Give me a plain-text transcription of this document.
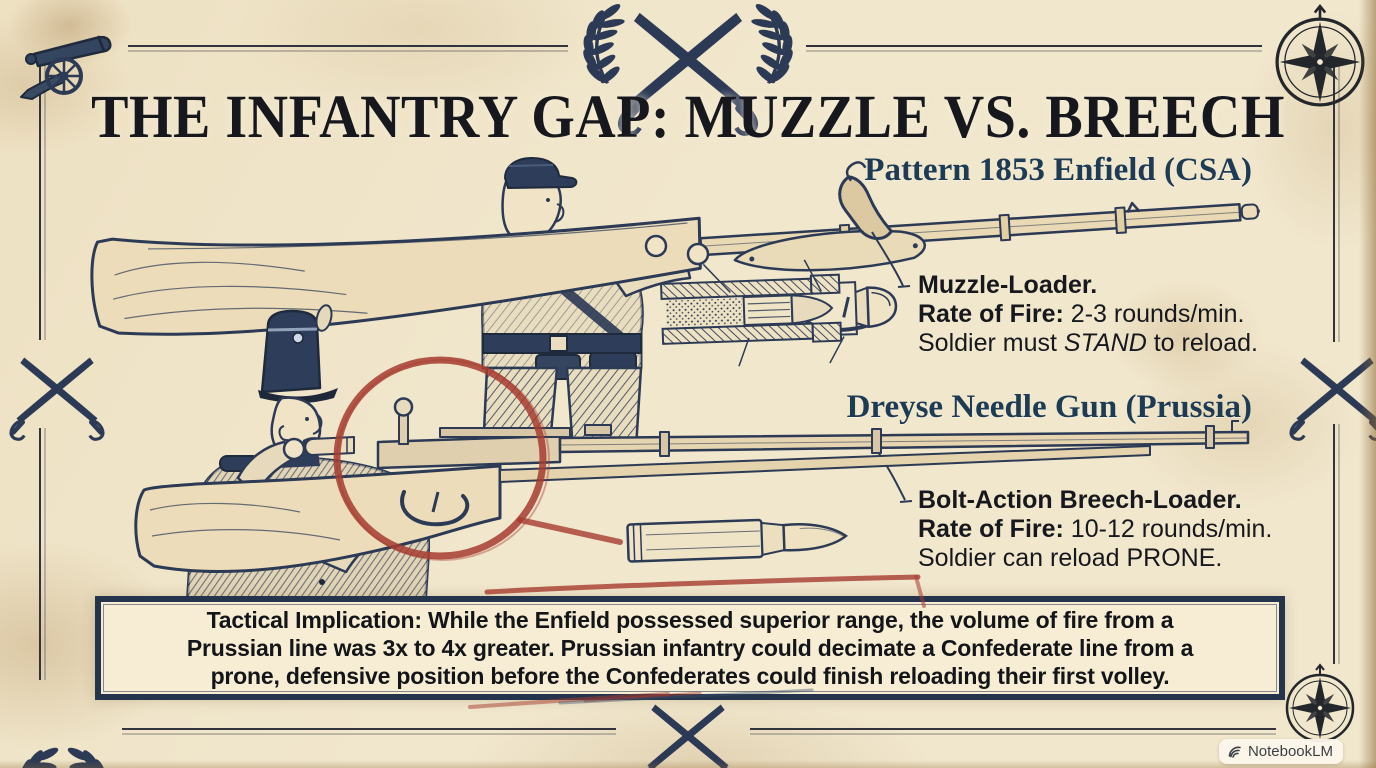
THE INFANTRY GAP: MUZZLE VS. BREECH
Pattern 1853 Enfield (CSA)
Muzzle-Loader.
Rate of Fire: 2-3 rounds/min.
Soldier must STAND to reload.
Dreyse Needle Gun (Prussia)
Bolt-Action Breech-Loader.
Rate of Fire: 10-12 rounds/min.
Soldier can reload PRONE.
Tactical Implication: While the Enfield possessed superior range, the volume of fire from a
Prussian line was 3x to 4x greater. Prussian infantry could decimate a Confederate line from a
prone, defensive position before the Confederates could finish reloading their first volley.
NotebookLM
